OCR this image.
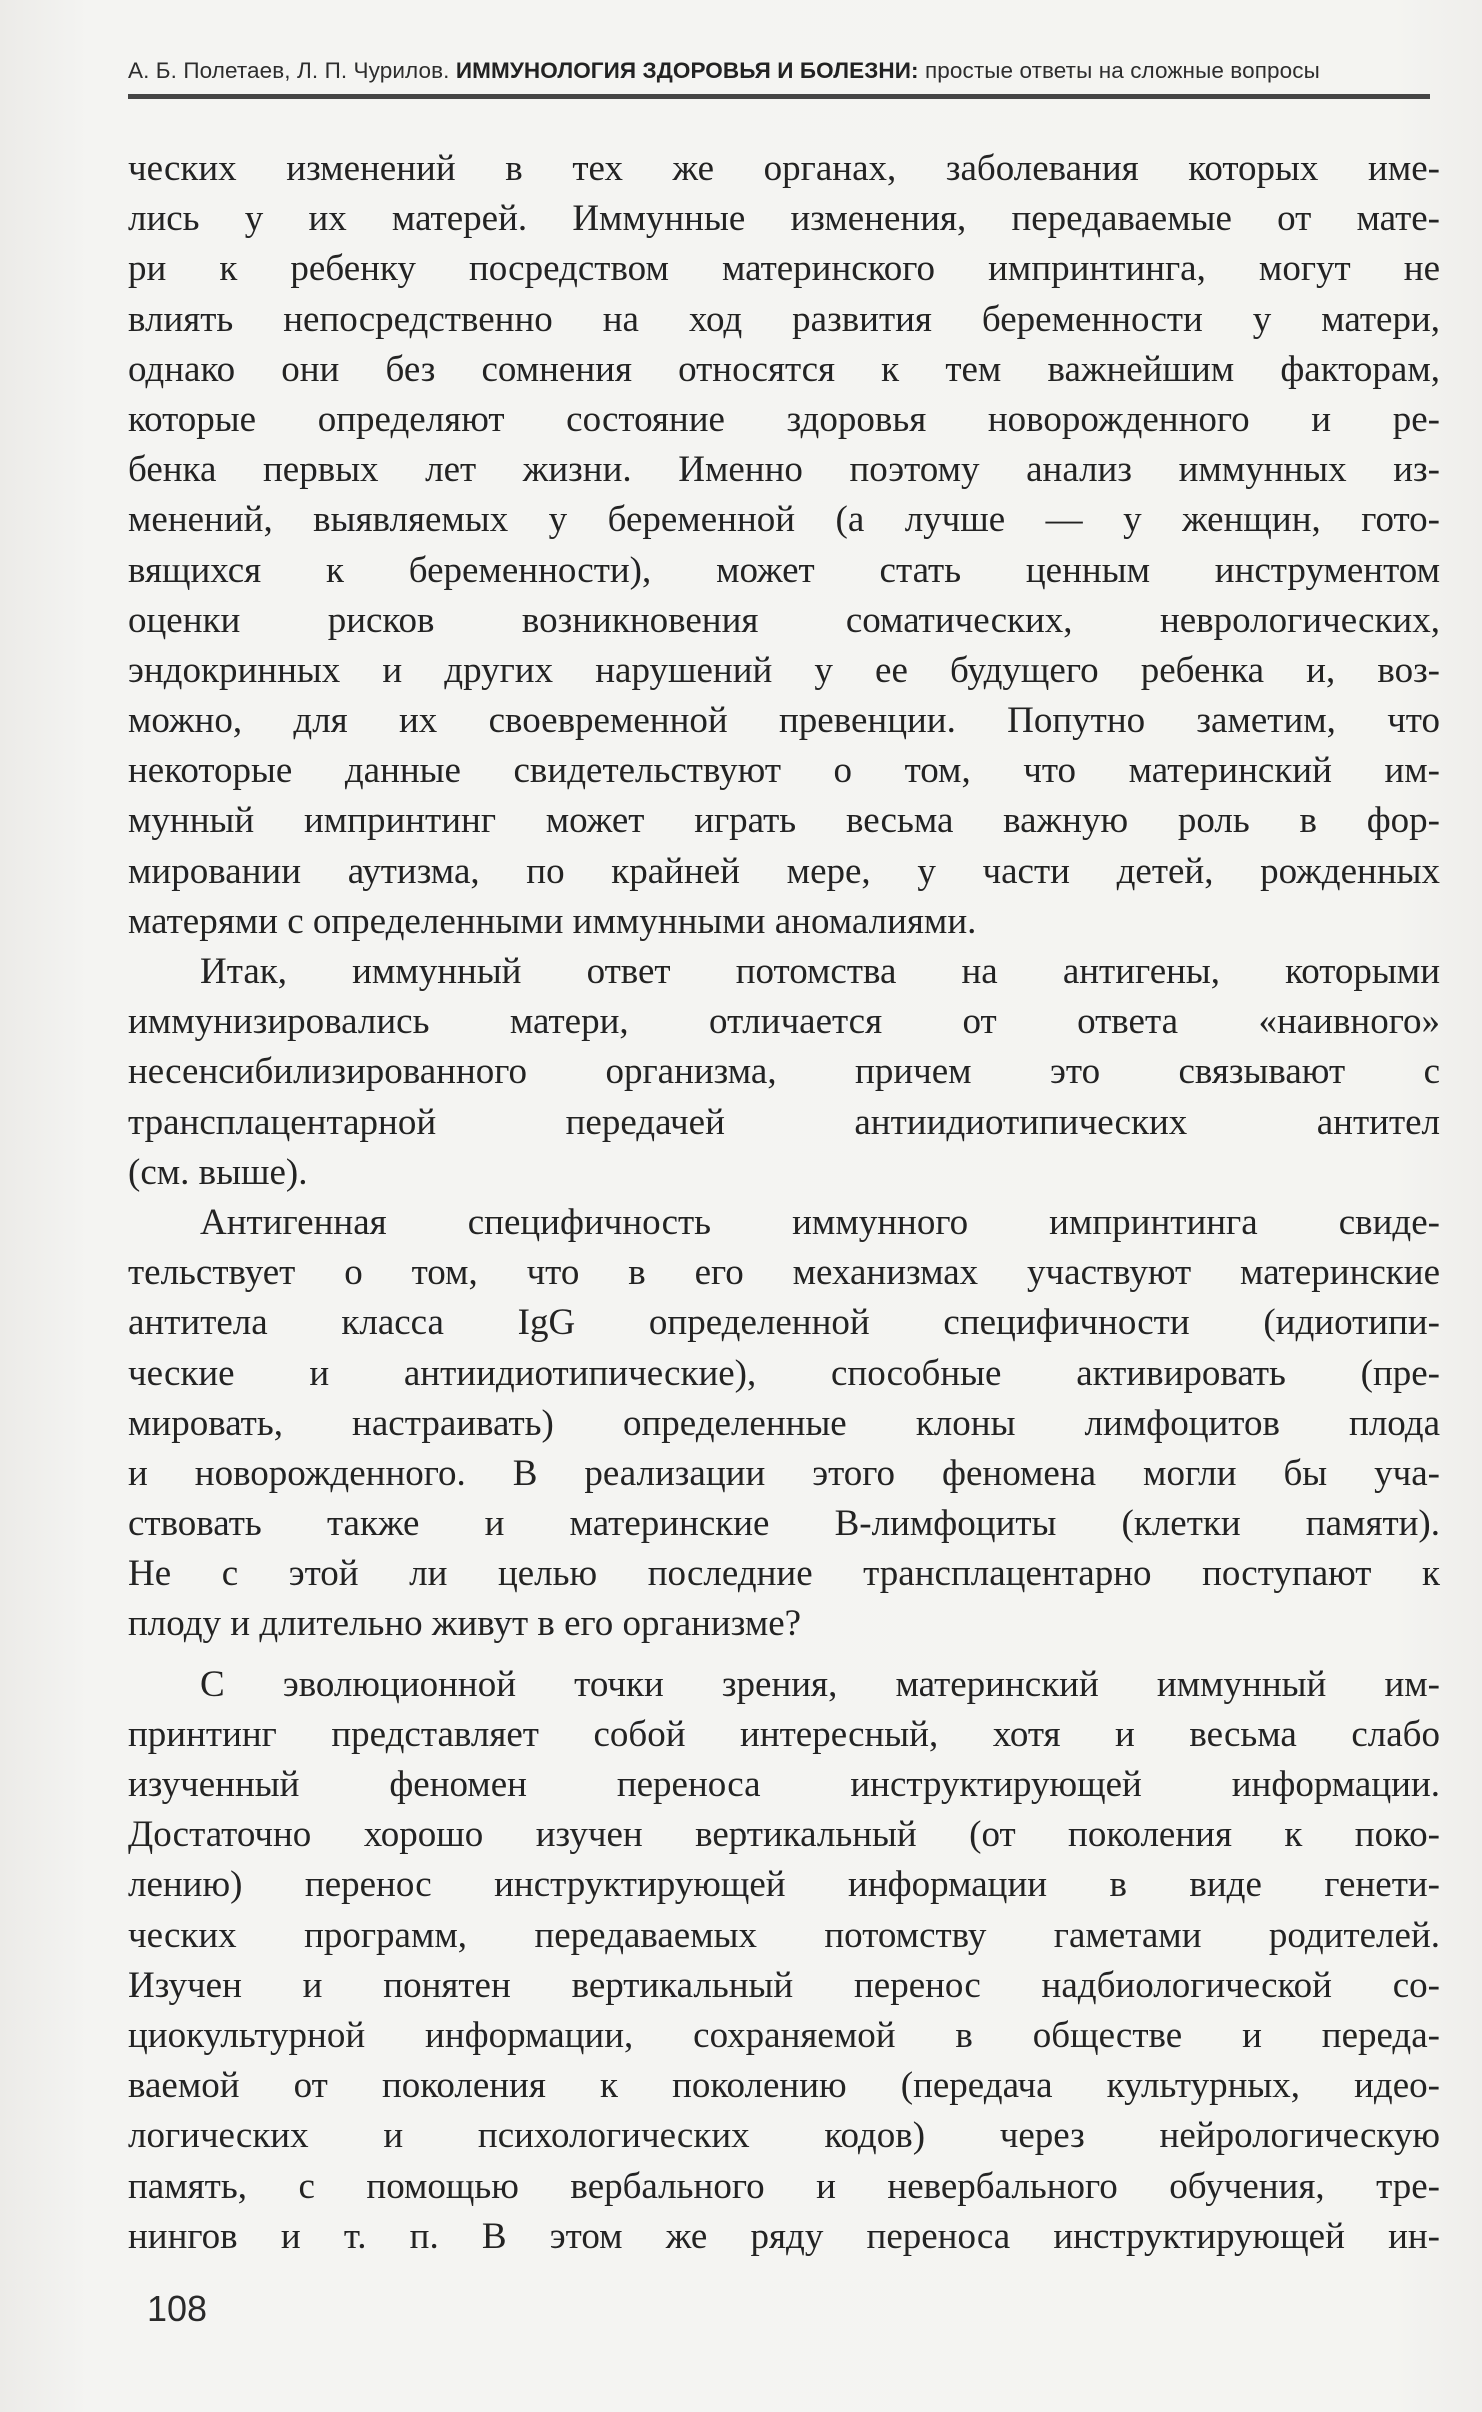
А. Б. Полетаев, Л. П. Чурилов. ИММУНОЛОГИЯ ЗДОРОВЬЯ И БОЛЕЗНИ: простые ответы на сложные вопросы
ческих изменений в тех же органах, заболевания которых име-
лись у их матерей. Иммунные изменения, передаваемые от мате-
ри к ребенку посредством материнского импринтинга, могут не
влиять непосредственно на ход развития беременности у матери,
однако они без сомнения относятся к тем важнейшим факторам,
которые определяют состояние здоровья новорожденного и ре-
бенка первых лет жизни. Именно поэтому анализ иммунных из-
менений, выявляемых у беременной (а лучше — у женщин, гото-
вящихся к беременности), может стать ценным инструментом
оценки рисков возникновения соматических, неврологических,
эндокринных и других нарушений у ее будущего ребенка и, воз-
можно, для их своевременной превенции. Попутно заметим, что
некоторые данные свидетельствуют о том, что материнский им-
мунный импринтинг может играть весьма важную роль в фор-
мировании аутизма, по крайней мере, у части детей, рожденных
матерями с определенными иммунными аномалиями.
Итак, иммунный ответ потомства на антигены, которыми
иммунизировались матери, отличается от ответа «наивного»
несенсибилизированного организма, причем это связывают с
трансплацентарной передачей антиидиотипических антител
(см. выше).
Антигенная специфичность иммунного импринтинга свиде-
тельствует о том, что в его механизмах участвуют материнские
антитела класса IgG определенной специфичности (идиотипи-
ческие и антиидиотипические), способные активировать (пре-
мировать, настраивать) определенные клоны лимфоцитов плода
и новорожденного. В реализации этого феномена могли бы уча-
ствовать также и материнские В-лимфоциты (клетки памяти).
Не с этой ли целью последние трансплацентарно поступают к
плоду и длительно живут в его организме?
С эволюционной точки зрения, материнский иммунный им-
принтинг представляет собой интересный, хотя и весьма слабо
изученный феномен переноса инструктирующей информации.
Достаточно хорошо изучен вертикальный (от поколения к поко-
лению) перенос инструктирующей информации в виде генети-
ческих программ, передаваемых потомству гаметами родителей.
Изучен и понятен вертикальный перенос надбиологической со-
циокультурной информации, сохраняемой в обществе и переда-
ваемой от поколения к поколению (передача культурных, идео-
логических и психологических кодов) через нейрологическую
память, с помощью вербального и невербального обучения, тре-
нингов и т. п. В этом же ряду переноса инструктирующей ин-
108
